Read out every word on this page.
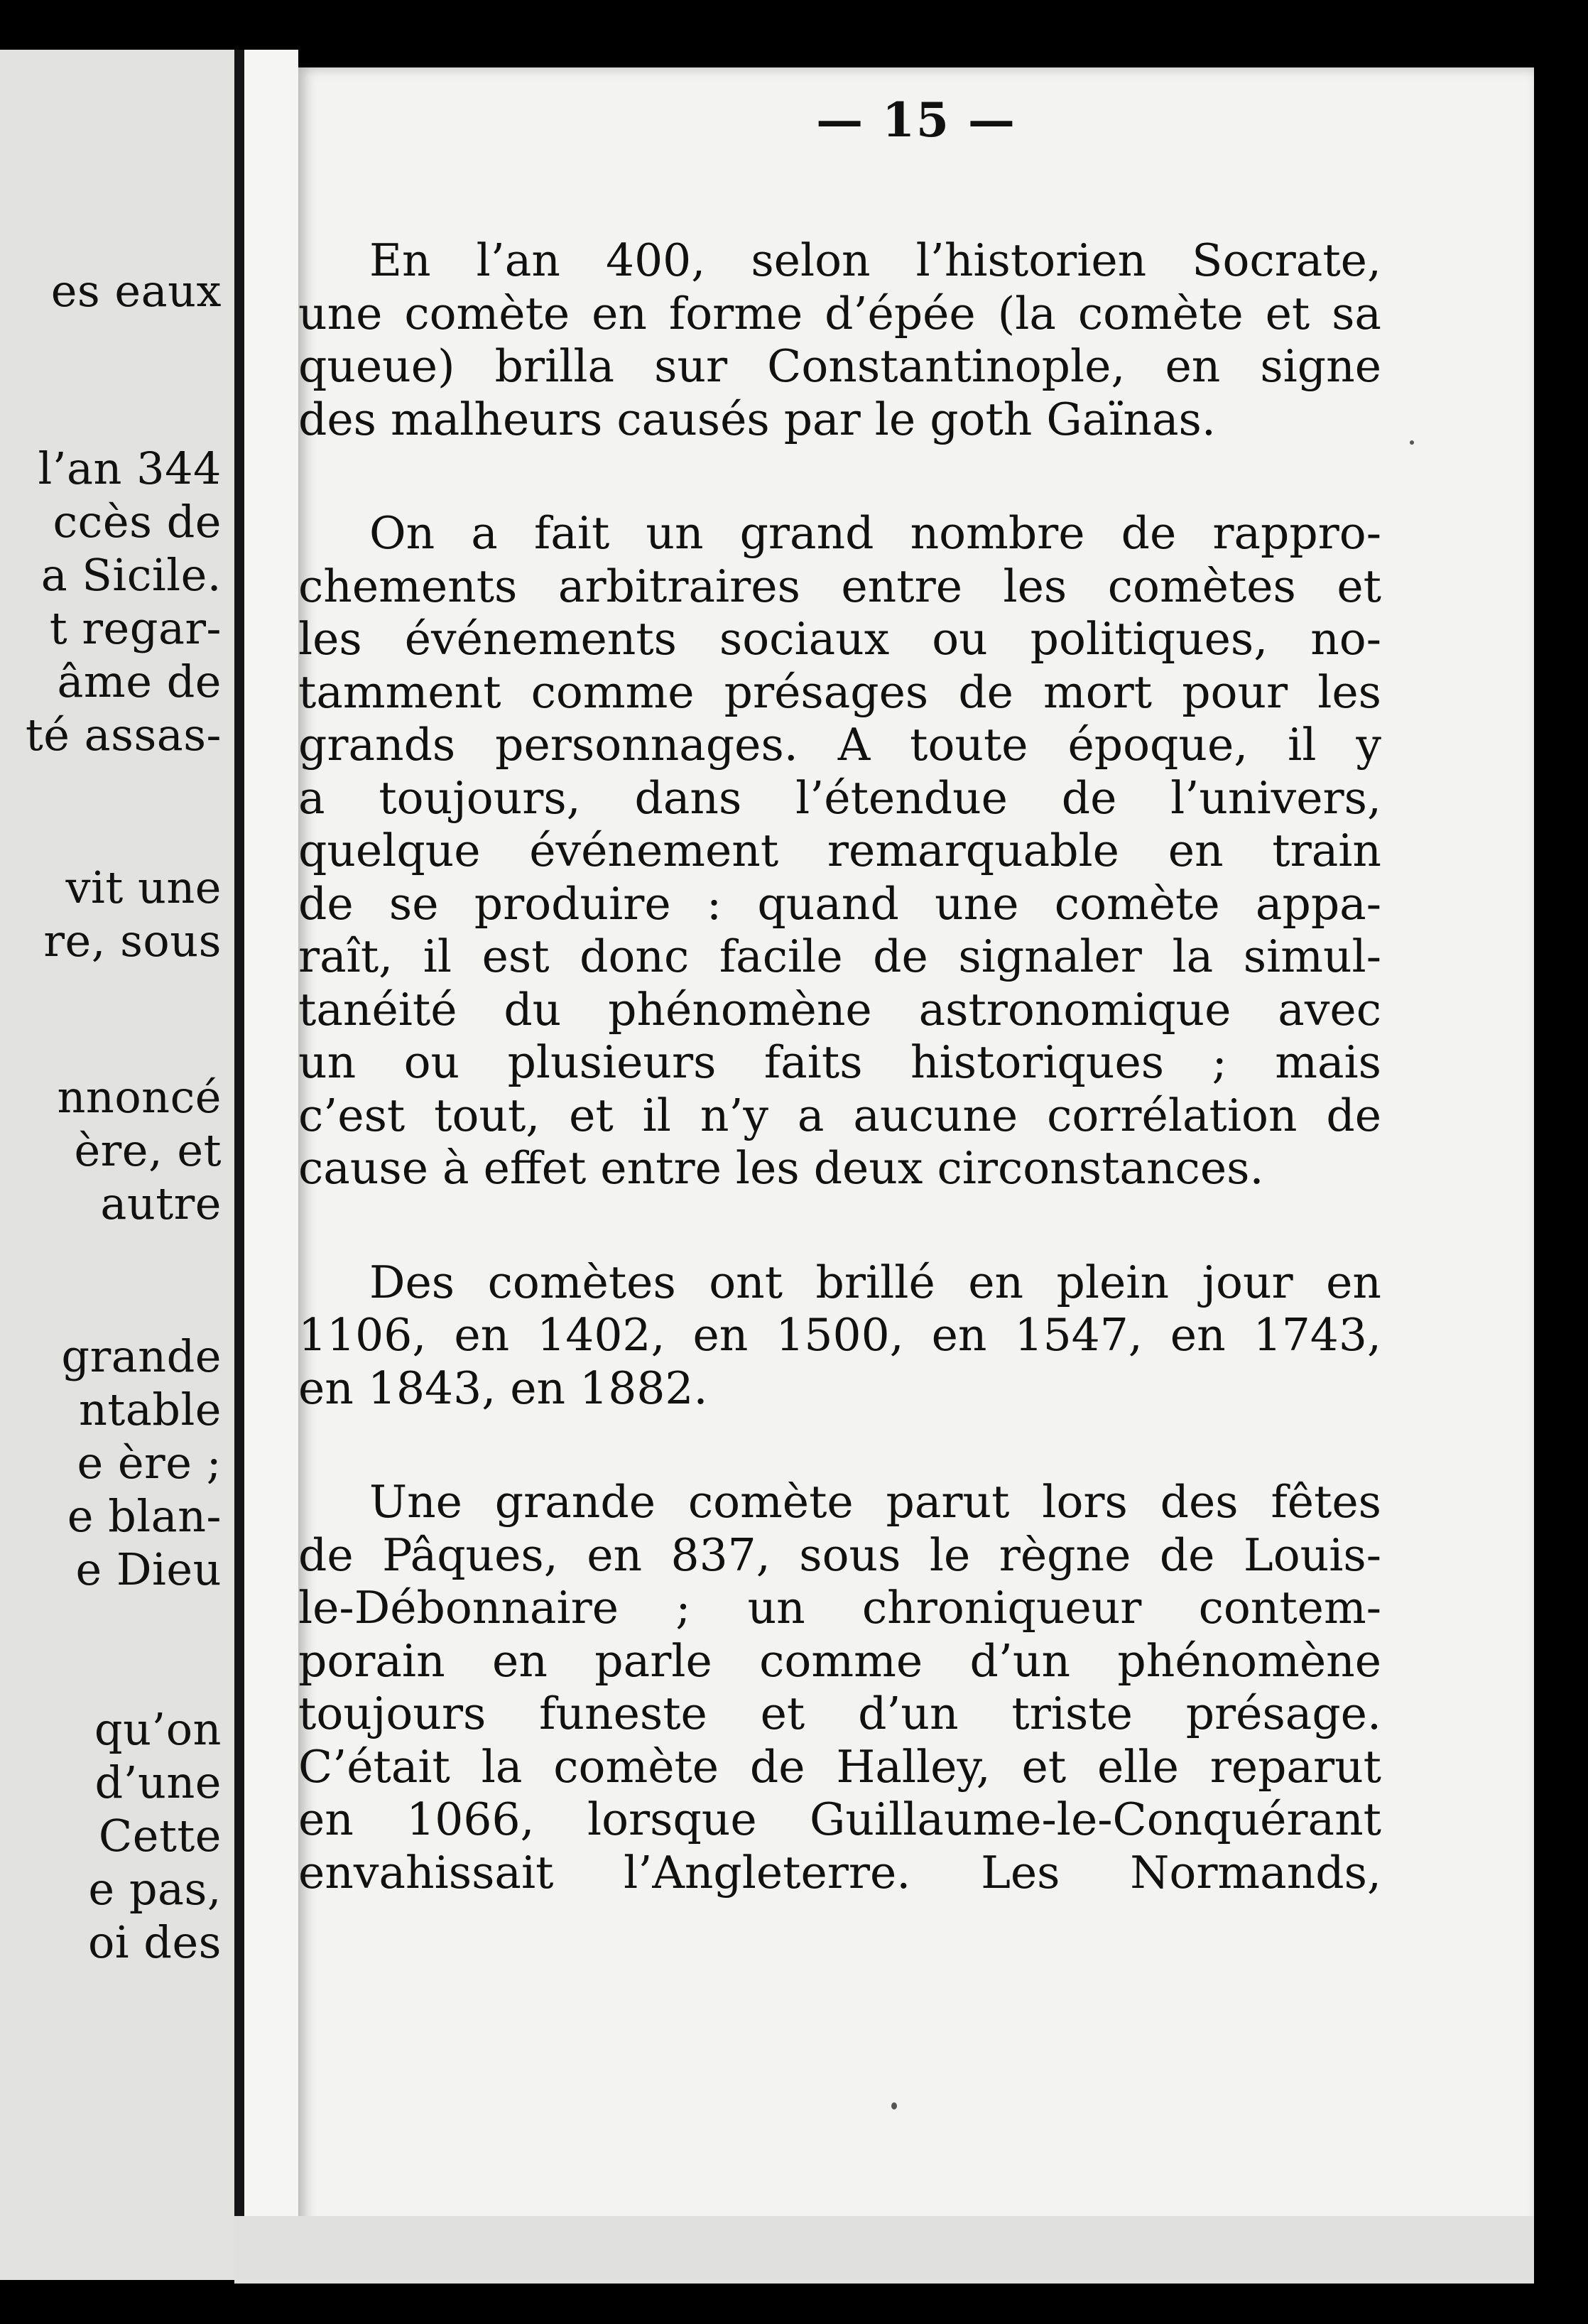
es eaux
l’an 344
ccès de
a Sicile.
t regar-
âme de
té assas-
vit une
re, sous
nnoncé
ère, et
autre
grande
ntable
e ère ;
e blan-
e Dieu
qu’on
d’une
Cette
e pas,
oi des
— 15 —
En l’an 400, selon l’historien Socrate,
une comète en forme d’épée (la comète et sa
queue) brilla sur Constantinople, en signe
des malheurs causés par le goth Gaïnas.
On a fait un grand nombre de rappro-
chements arbitraires entre les comètes et
les événements sociaux ou politiques, no-
tamment comme présages de mort pour les
grands personnages. A toute époque, il y
a toujours, dans l’étendue de l’univers,
quelque événement remarquable en train
de se produire : quand une comète appa-
raît, il est donc facile de signaler la simul-
tanéité du phénomène astronomique avec
un ou plusieurs faits historiques ; mais
c’est tout, et il n’y a aucune corrélation de
cause à effet entre les deux circonstances.
Des comètes ont brillé en plein jour en
1106, en 1402, en 1500, en 1547, en 1743,
en 1843, en 1882.
Une grande comète parut lors des fêtes
de Pâques, en 837, sous le règne de Louis-
le-Débonnaire ; un chroniqueur contem-
porain en parle comme d’un phénomène
toujours funeste et d’un triste présage.
C’était la comète de Halley, et elle reparut
en 1066, lorsque Guillaume-le-Conquérant
envahissait l’Angleterre. Les Normands,
